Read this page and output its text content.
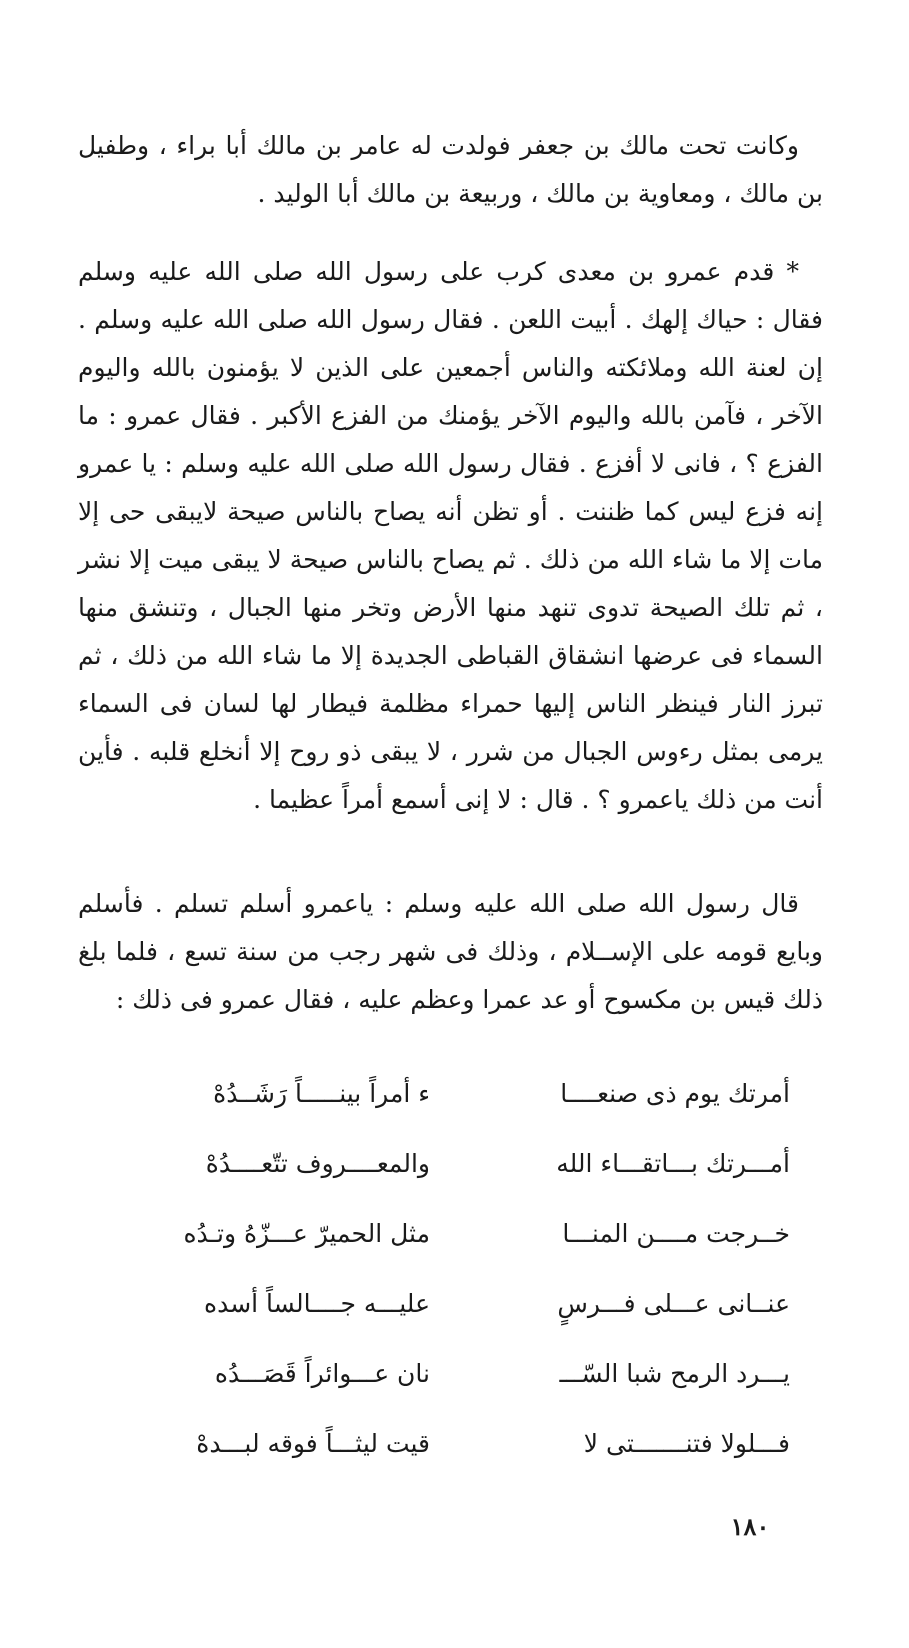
وكانت تحت مالك بن جعفر فولدت له عامر بن مالك أبا براء ، وطفيل بن مالك ، ومعاوية بن مالك ، وربيعة بن مالك أبا الوليد .

* قدم عمرو بن معدى كرب على رسول الله صلى الله عليه وسلم فقال : حياك إلهك . أبيت اللعن . فقال رسول الله صلى الله عليه وسلم . إن لعنة الله وملائكته والناس أجمعين على الذين لا يؤمنون بالله واليوم الآخر ، فآمن بالله واليوم الآخر يؤمنك من الفزع الأكبر . فقال عمرو : ما الفزع ؟ ، فانى لا أفزع . فقال رسول الله صلى الله عليه وسلم : يا عمرو إنه فزع ليس كما ظننت . أو تظن أنه يصاح بالناس صيحة لايبقى حى إلا مات إلا ما شاء الله من ذلك . ثم يصاح بالناس صيحة لا يبقى ميت إلا نشر ، ثم تلك الصيحة تدوى تنهد منها الأرض وتخر منها الجبال ، وتنشق منها السماء فى عرضها انشقاق القباطى الجديدة إلا ما شاء الله من ذلك ، ثم تبرز النار فينظر الناس إليها حمراء مظلمة فيطار لها لسان فى السماء يرمى بمثل رءوس الجبال من شرر ، لا يبقى ذو روح إلا أنخلع قلبه . فأين أنت من ذلك ياعمرو ؟ . قال : لا إنى أسمع أمراً عظيما .

قال رسول الله صلى الله عليه وسلم : ياعمرو أسلم تسلم . فأسلم وبايع قومه على الإســلام ، وذلك فى شهر رجب من سنة تسع ، فلما بلغ ذلك قيس بن مكسوح أو عد عمرا وعظم عليه ، فقال عمرو فى ذلك :

أمرتك يوم ذى صنعــــا
ء أمراً بينـــــاً رَشَــدُهْ
أمـــرتك بـــاتقـــاء الله
والمعــــروف تتّعــــدُهْ
خــرجت مــــن المنـــا
مثل الحميرّ عـــزّهُ وتـدُه
عنــانى عـــلى فـــرسٍ
عليـــه جــــالساً أسده
يـــرد الرمح شبا السّـــ
نان عـــوائراً قَصَـــدُه
فـــلولا فتنـــــــتى لا
قيت ليثـــاً فوقه لبـــدهْ
١٨٠
